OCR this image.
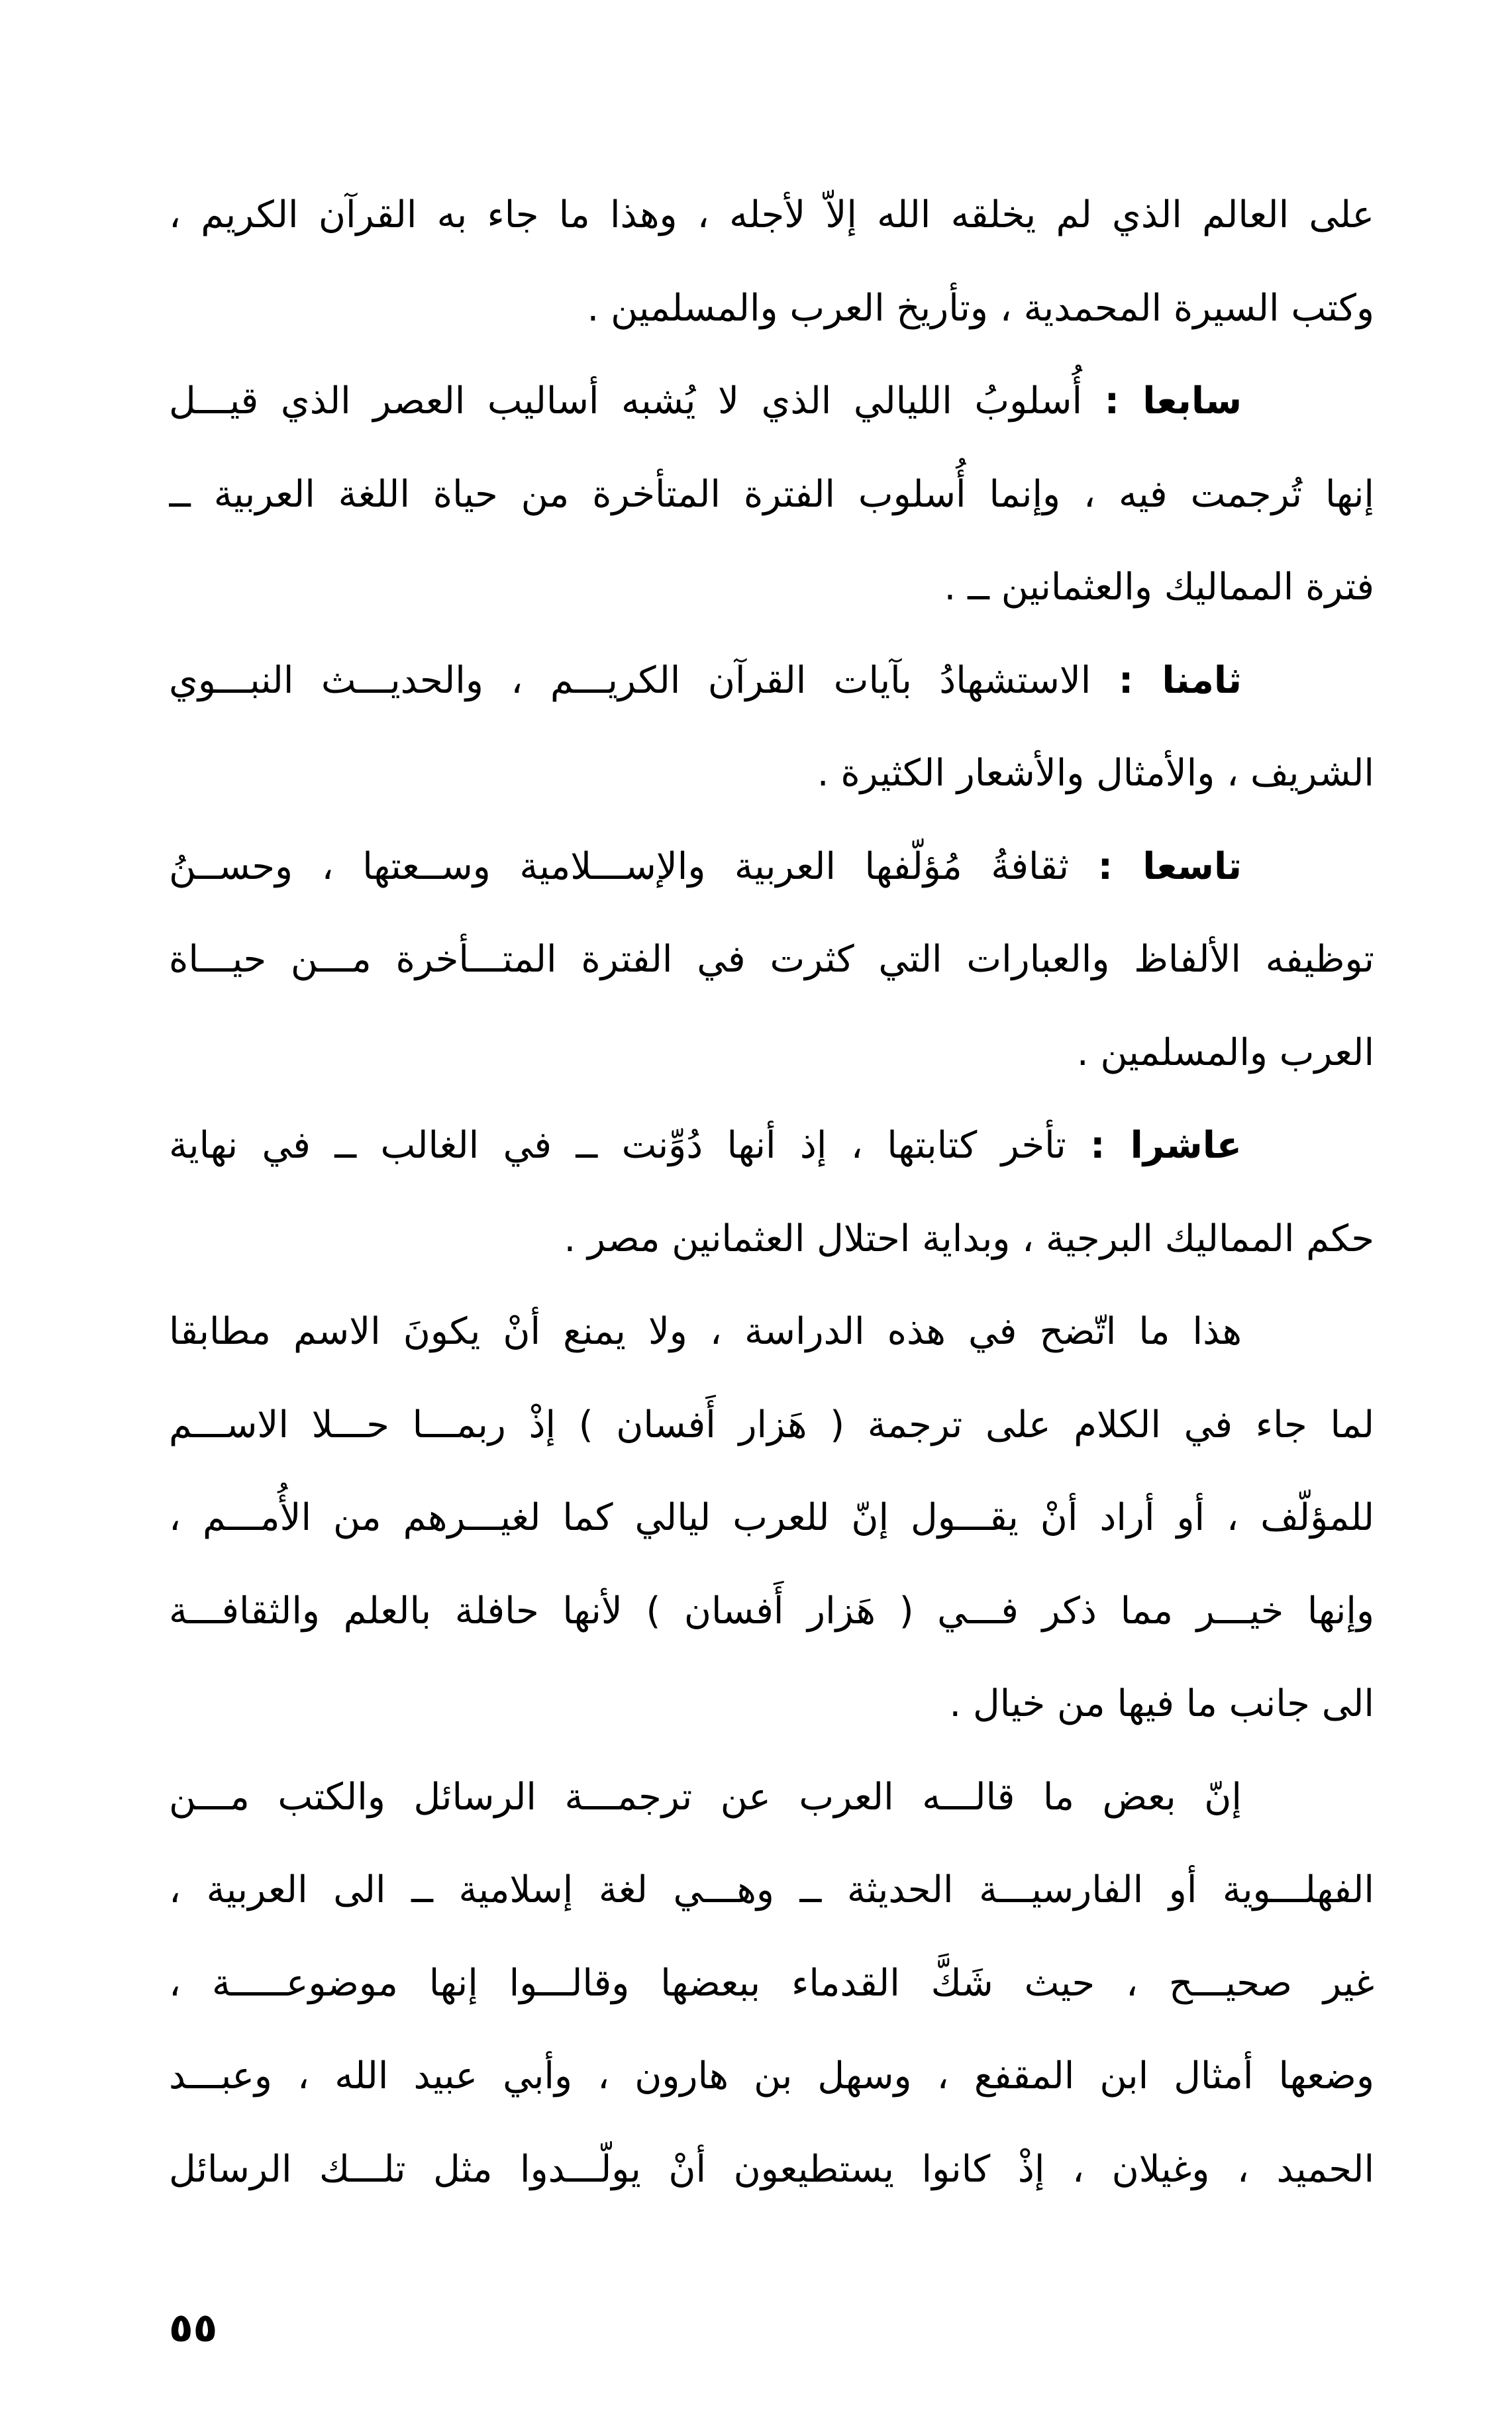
على العالم الذي لم يخلقه الله إلاّ لأجله ، وهذا ما جاء به القرآن الكريم ،
وكتب السيرة المحمدية ، وتأريخ العرب والمسلمين .
سابعا : أُسلوبُ الليالي الذي لا يُشبه أساليب العصر الذي قيـــل
إنها تُرجمت فيه ، وإنما أُسلوب الفترة المتأخرة من حياة اللغة العربية ــ
فترة المماليك والعثمانين ــ .
ثامنا : الاستشهادُ بآيات القرآن الكريـــم ، والحديـــث النبـــوي
الشريف ، والأمثال والأشعار الكثيرة .
تاسعا : ثقافةُ مُؤلّفها العربية والإســـلامية وســعتها ، وحســنُ
توظيفه الألفاظ والعبارات التي كثرت في الفترة المتـــأخرة مـــن حيـــاة
العرب والمسلمين .
عاشرا : تأخر كتابتها ، إذ أنها دُوِّنت ــ في الغالب ــ في نهاية
حكم المماليك البرجية ، وبداية احتلال العثمانين مصر .
هذا ما اتّضح في هذه الدراسة ، ولا يمنع أنْ يكونَ الاسم مطابقا
لما جاء في الكلام على ترجمة ( هَزار أَفسان ) إذْ ربمـــا حـــلا الاســـم
للمؤلّف ، أو أراد أنْ يقـــول إنّ للعرب ليالي كما لغيـــرهم من الأُمـــم ،
وإنها خيـــر مما ذكر فـــي ( هَزار أَفسان ) لأنها حافلة بالعلم والثقافـــة
الى جانب ما فيها من خيال .
إنّ بعض ما قالـــه العرب عن ترجمـــة الرسائل والكتب مـــن
الفهلـــوية أو الفارسيـــة الحديثة ــ وهـــي لغة إسلامية ــ الى العربية ،
غير صحيـــح ، حيث شَكَّ القدماء ببعضها وقالـــوا إنها موضوعـــــة ،
وضعها أمثال ابن المقفع ، وسهل بن هارون ، وأبي عبيد الله ، وعبـــد
الحميد ، وغيلان ، إذْ كانوا يستطيعون أنْ يولّـــدوا مثل تلـــك الرسائل
٥٥
